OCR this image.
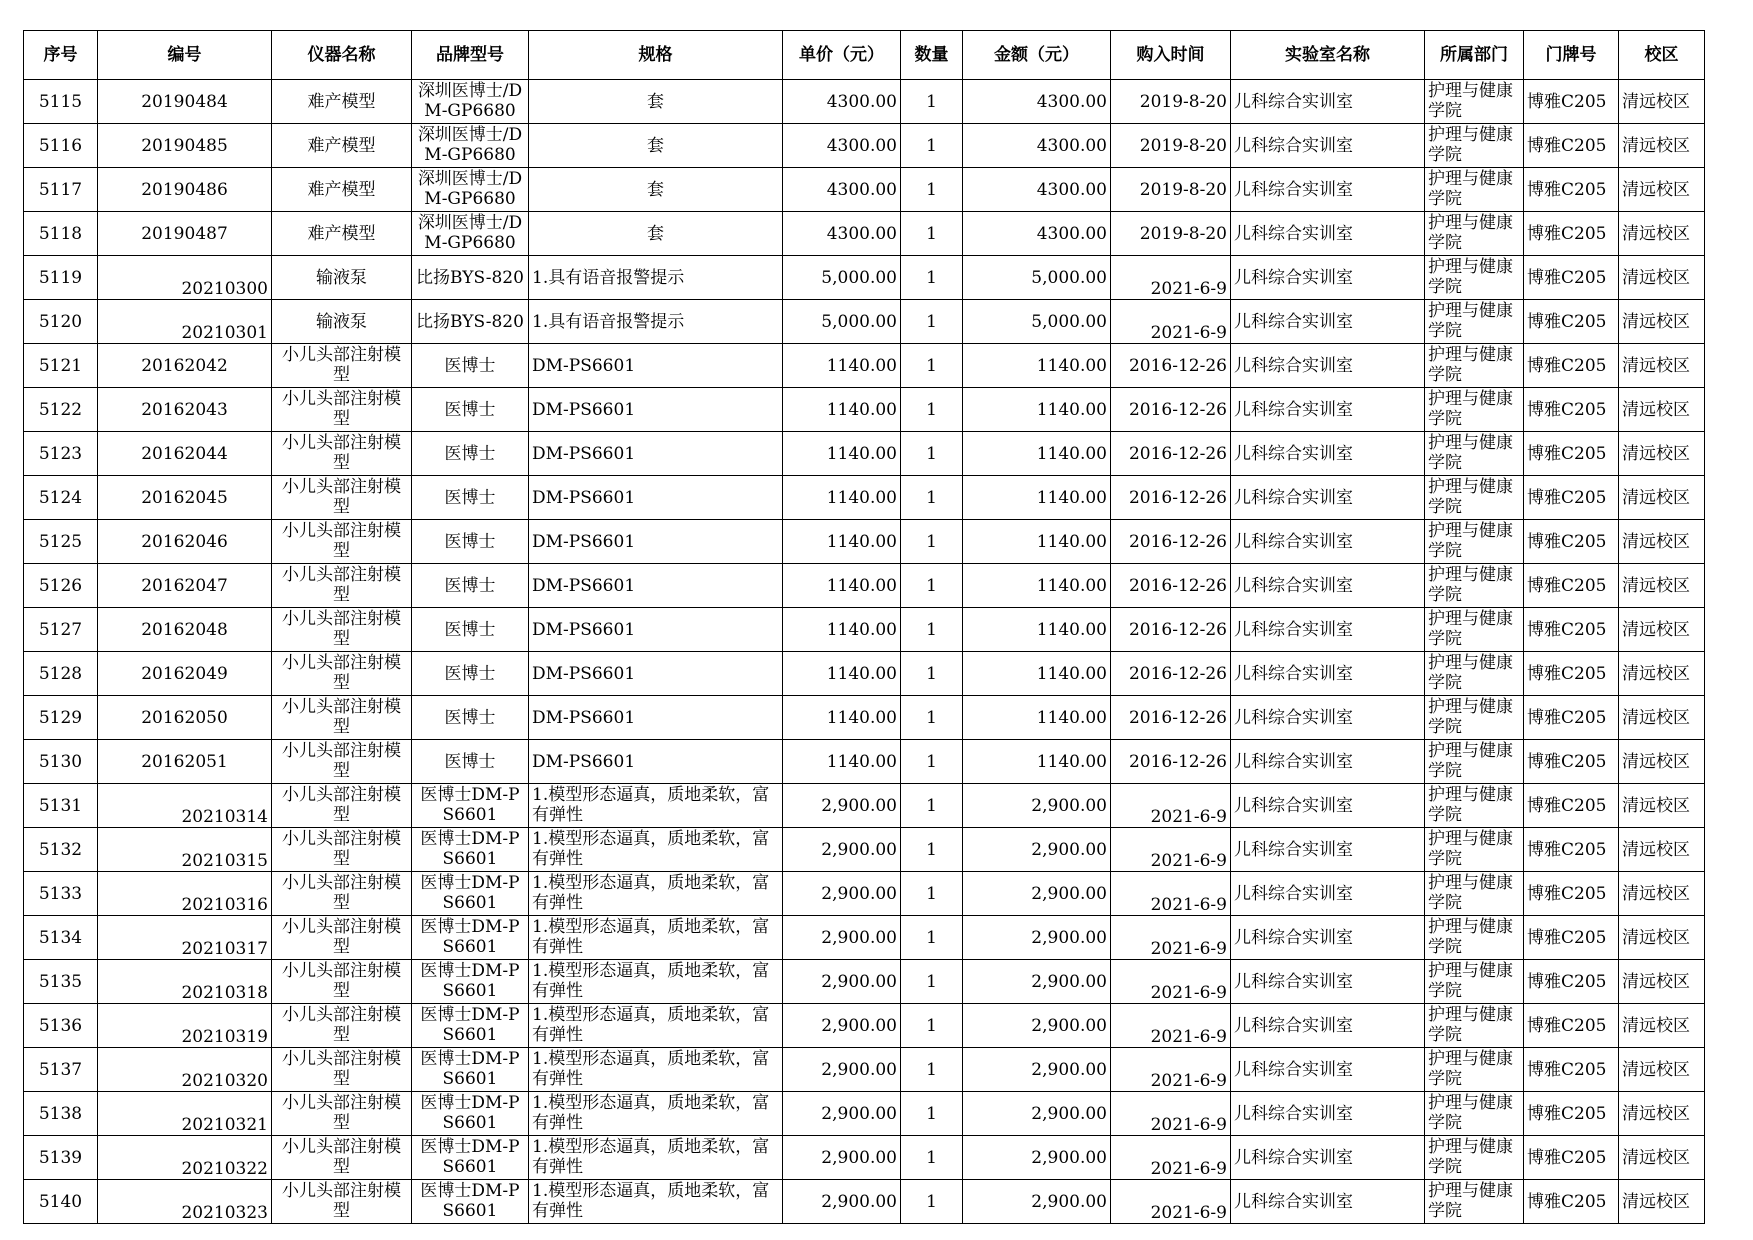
序号	编号	仪器名称	品牌型号	规格	单价（元）	数量	金额（元）	购入时间	实验室名称	所属部门	门牌号	校区

5115	20190484	难产模型	深圳医博士/DM-GP6680	套	4300.00	1	4300.00	2019-8-20	儿科综合实训室	护理与健康学院	博雅C205	清远校区

5116	20190485	难产模型	深圳医博士/DM-GP6680	套	4300.00	1	4300.00	2019-8-20	儿科综合实训室	护理与健康学院	博雅C205	清远校区

5117	20190486	难产模型	深圳医博士/DM-GP6680	套	4300.00	1	4300.00	2019-8-20	儿科综合实训室	护理与健康学院	博雅C205	清远校区

5118	20190487	难产模型	深圳医博士/DM-GP6680	套	4300.00	1	4300.00	2019-8-20	儿科综合实训室	护理与健康学院	博雅C205	清远校区

5119	20210300	输液泵	比扬BYS-820	1.具有语音报警提示	5,000.00	1	5,000.00	2021-6-9	儿科综合实训室	护理与健康学院	博雅C205	清远校区

5120	20210301	输液泵	比扬BYS-820	1.具有语音报警提示	5,000.00	1	5,000.00	2021-6-9	儿科综合实训室	护理与健康学院	博雅C205	清远校区

5121	20162042	小儿头部注射模型	医博士	DM-PS6601	1140.00	1	1140.00	2016-12-26	儿科综合实训室	护理与健康学院	博雅C205	清远校区

5122	20162043	小儿头部注射模型	医博士	DM-PS6601	1140.00	1	1140.00	2016-12-26	儿科综合实训室	护理与健康学院	博雅C205	清远校区

5123	20162044	小儿头部注射模型	医博士	DM-PS6601	1140.00	1	1140.00	2016-12-26	儿科综合实训室	护理与健康学院	博雅C205	清远校区

5124	20162045	小儿头部注射模型	医博士	DM-PS6601	1140.00	1	1140.00	2016-12-26	儿科综合实训室	护理与健康学院	博雅C205	清远校区

5125	20162046	小儿头部注射模型	医博士	DM-PS6601	1140.00	1	1140.00	2016-12-26	儿科综合实训室	护理与健康学院	博雅C205	清远校区

5126	20162047	小儿头部注射模型	医博士	DM-PS6601	1140.00	1	1140.00	2016-12-26	儿科综合实训室	护理与健康学院	博雅C205	清远校区

5127	20162048	小儿头部注射模型	医博士	DM-PS6601	1140.00	1	1140.00	2016-12-26	儿科综合实训室	护理与健康学院	博雅C205	清远校区

5128	20162049	小儿头部注射模型	医博士	DM-PS6601	1140.00	1	1140.00	2016-12-26	儿科综合实训室	护理与健康学院	博雅C205	清远校区

5129	20162050	小儿头部注射模型	医博士	DM-PS6601	1140.00	1	1140.00	2016-12-26	儿科综合实训室	护理与健康学院	博雅C205	清远校区

5130	20162051	小儿头部注射模型	医博士	DM-PS6601	1140.00	1	1140.00	2016-12-26	儿科综合实训室	护理与健康学院	博雅C205	清远校区

5131	20210314	小儿头部注射模型	医博士DM-PS6601	1.模型形态逼真，质地柔软，富有弹性	2,900.00	1	2,900.00	2021-6-9	儿科综合实训室	护理与健康学院	博雅C205	清远校区

5132	20210315	小儿头部注射模型	医博士DM-PS6601	1.模型形态逼真，质地柔软，富有弹性	2,900.00	1	2,900.00	2021-6-9	儿科综合实训室	护理与健康学院	博雅C205	清远校区

5133	20210316	小儿头部注射模型	医博士DM-PS6601	1.模型形态逼真，质地柔软，富有弹性	2,900.00	1	2,900.00	2021-6-9	儿科综合实训室	护理与健康学院	博雅C205	清远校区

5134	20210317	小儿头部注射模型	医博士DM-PS6601	1.模型形态逼真，质地柔软，富有弹性	2,900.00	1	2,900.00	2021-6-9	儿科综合实训室	护理与健康学院	博雅C205	清远校区

5135	20210318	小儿头部注射模型	医博士DM-PS6601	1.模型形态逼真，质地柔软，富有弹性	2,900.00	1	2,900.00	2021-6-9	儿科综合实训室	护理与健康学院	博雅C205	清远校区

5136	20210319	小儿头部注射模型	医博士DM-PS6601	1.模型形态逼真，质地柔软，富有弹性	2,900.00	1	2,900.00	2021-6-9	儿科综合实训室	护理与健康学院	博雅C205	清远校区

5137	20210320	小儿头部注射模型	医博士DM-PS6601	1.模型形态逼真，质地柔软，富有弹性	2,900.00	1	2,900.00	2021-6-9	儿科综合实训室	护理与健康学院	博雅C205	清远校区

5138	20210321	小儿头部注射模型	医博士DM-PS6601	1.模型形态逼真，质地柔软，富有弹性	2,900.00	1	2,900.00	2021-6-9	儿科综合实训室	护理与健康学院	博雅C205	清远校区

5139	20210322	小儿头部注射模型	医博士DM-PS6601	1.模型形态逼真，质地柔软，富有弹性	2,900.00	1	2,900.00	2021-6-9	儿科综合实训室	护理与健康学院	博雅C205	清远校区

5140	20210323	小儿头部注射模型	医博士DM-PS6601	1.模型形态逼真，质地柔软，富有弹性	2,900.00	1	2,900.00	2021-6-9	儿科综合实训室	护理与健康学院	博雅C205	清远校区
